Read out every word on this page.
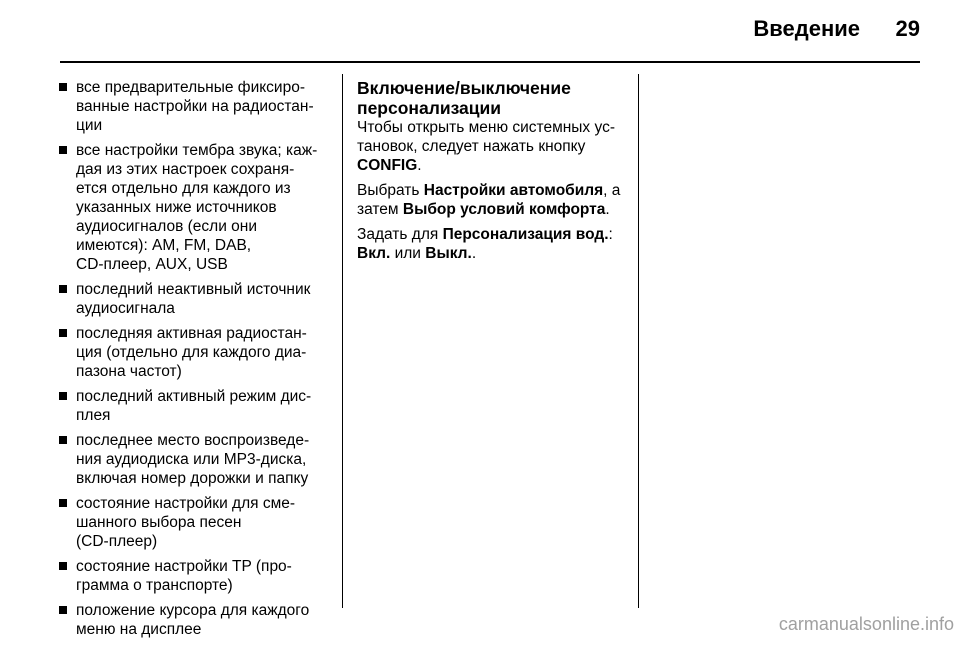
Введение	29
все предварительные фиксиро-
ванные настройки на радиостан-
ции
все настройки тембра звука; каж-
дая из этих настроек сохраня-
ется отдельно для каждого из
указанных ниже источников
аудиосигналов (если они
имеются): AM, FM, DAB,
CD-плеер, AUX, USB
последний неактивный источник
аудиосигнала
последняя активная радиостан-
ция (отдельно для каждого диа-
пазона частот)
последний активный режим дис-
плея
последнее место воспроизведе-
ния аудиодиска или MP3-диска,
включая номер дорожки и папку
состояние настройки для сме-
шанного выбора песен
(CD-плеер)
состояние настройки TP (про-
грамма о транспорте)
положение курсора для каждого
меню на дисплее
Включение/выключение
персонализации

Чтобы открыть меню системных ус-
тановок, следует нажать кнопку
CONFIG.

Выбрать Настройки автомобиля, а
затем Выбор условий комфорта.

Задать для Персонализация вод.:
Вкл. или Выкл..

carmanualsonline.info
